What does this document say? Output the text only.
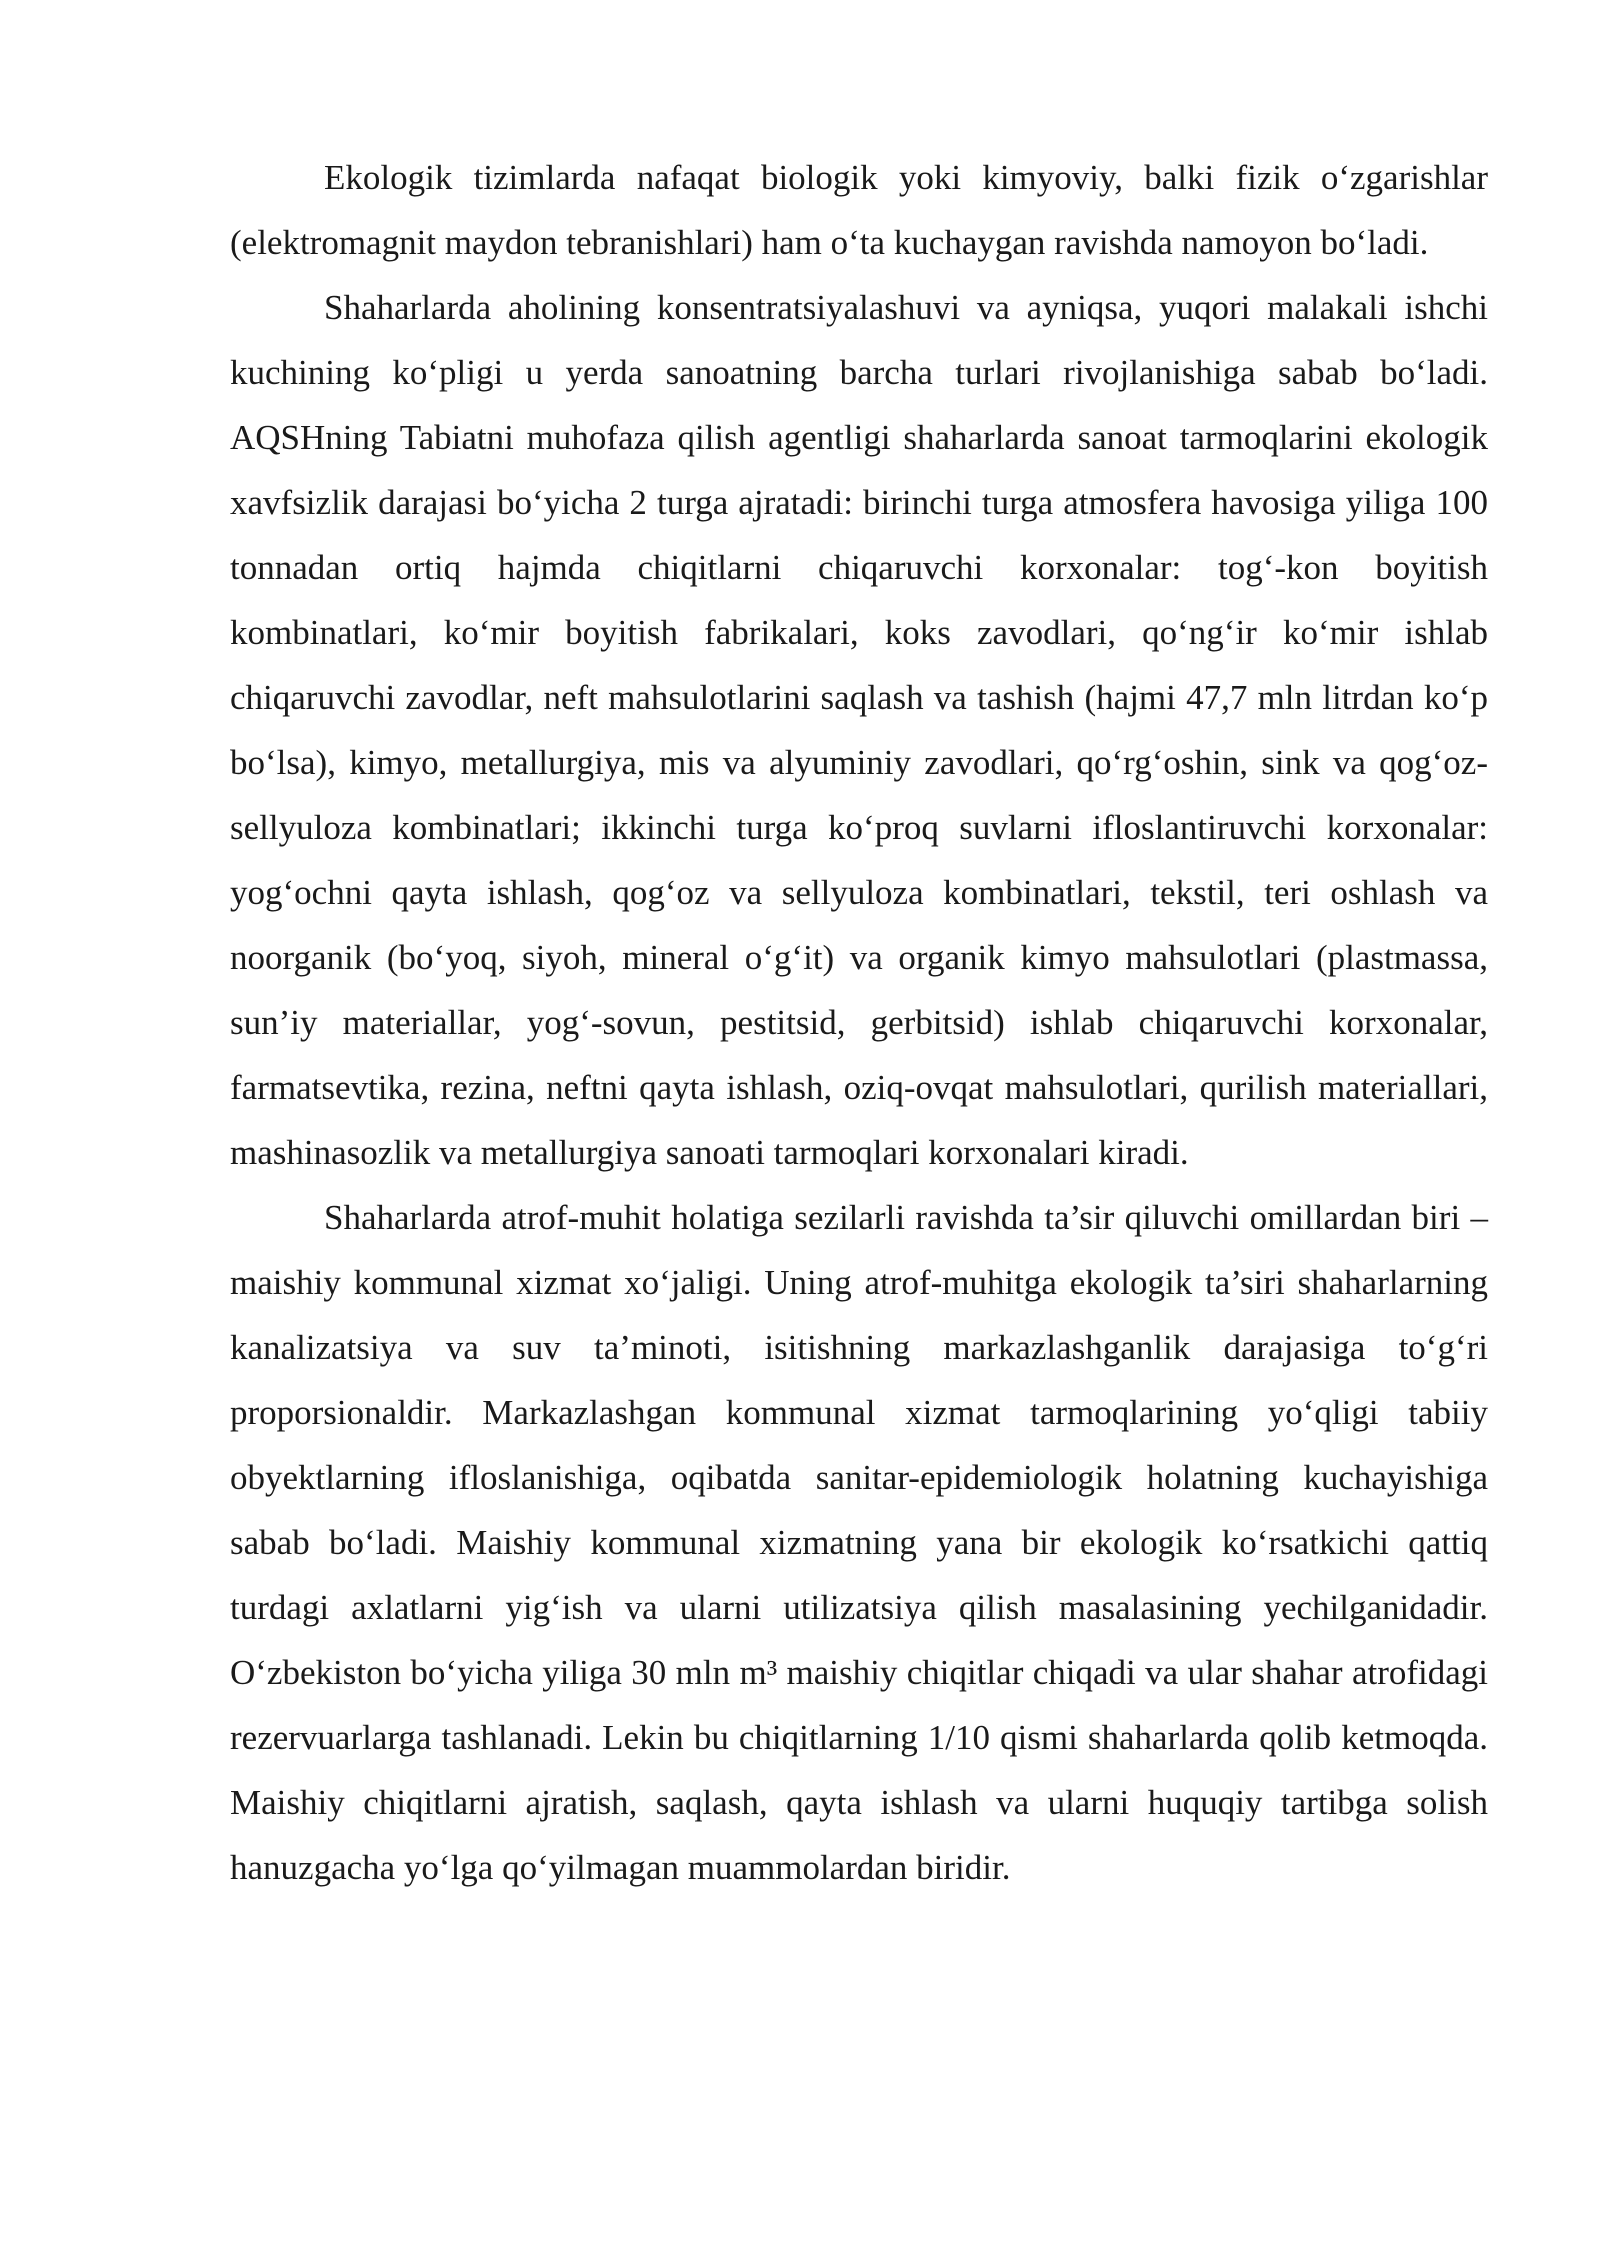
Ekologik tizimlarda nafaqat biologik yoki kimyoviy, balki fizik o‘zgarishlar (elektromagnit maydon tebranishlari) ham o‘ta kuchaygan ravishda namoyon bo‘ladi.

Shaharlarda aholining konsentratsiyalashuvi va ayniqsa, yuqori malakali ishchi kuchining ko‘pligi u yerda sanoatning barcha turlari rivojlanishiga sabab bo‘ladi. AQSHning Tabiatni muhofaza qilish agentligi shaharlarda sanoat tarmoqlarini ekologik xavfsizlik darajasi bo‘yicha 2 turga ajratadi: birinchi turga atmosfera havosiga yiliga 100 tonnadan ortiq hajmda chiqitlarni chiqaruvchi korxonalar: tog‘-kon boyitish kombinatlari, ko‘mir boyitish fabrikalari, koks zavodlari, qo‘ng‘ir ko‘mir ishlab chiqaruvchi zavodlar, neft mahsulotlarini saqlash va tashish (hajmi 47,7 mln litrdan ko‘p bo‘lsa), kimyo, metallurgiya, mis va alyuminiy zavodlari, qo‘rg‘oshin, sink va qog‘oz-sellyuloza kombinatlari; ikkinchi turga ko‘proq suvlarni ifloslantiruvchi korxonalar: yog‘ochni qayta ishlash, qog‘oz va sellyuloza kombinatlari, tekstil, teri oshlash va noorganik (bo‘yoq, siyoh, mineral o‘g‘it) va organik kimyo mahsulotlari (plastmassa, sun’iy materiallar, yog‘-sovun, pestitsid, gerbitsid) ishlab chiqaruvchi korxonalar, farmatsevtika, rezina, neftni qayta ishlash, oziq-ovqat mahsulotlari, qurilish materiallari, mashinasozlik va metallurgiya sanoati tarmoqlari korxonalari kiradi.

Shaharlarda atrof-muhit holatiga sezilarli ravishda ta’sir qiluvchi omillardan biri – maishiy kommunal xizmat xo‘jaligi. Uning atrof-muhitga ekologik ta’siri shaharlarning kanalizatsiya va suv ta’minoti, isitishning markazlashganlik darajasiga to‘g‘ri proporsionaldir. Markazlashgan kommunal xizmat tarmoqlarining yo‘qligi tabiiy obyektlarning ifloslanishiga, oqibatda sanitar-epidemiologik holatning kuchayishiga sabab bo‘ladi. Maishiy kommunal xizmatning yana bir ekologik ko‘rsatkichi qattiq turdagi axlatlarni yig‘ish va ularni utilizatsiya qilish masalasining yechilganidadir. O‘zbekiston bo‘yicha yiliga 30 mln m³ maishiy chiqitlar chiqadi va ular shahar atrofidagi rezervuarlarga tashlanadi. Lekin bu chiqitlarning 1/10 qismi shaharlarda qolib ketmoqda. Maishiy chiqitlarni ajratish, saqlash, qayta ishlash va ularni huquqiy tartibga solish hanuzgacha yo‘lga qo‘yilmagan muammolardan biridir.
